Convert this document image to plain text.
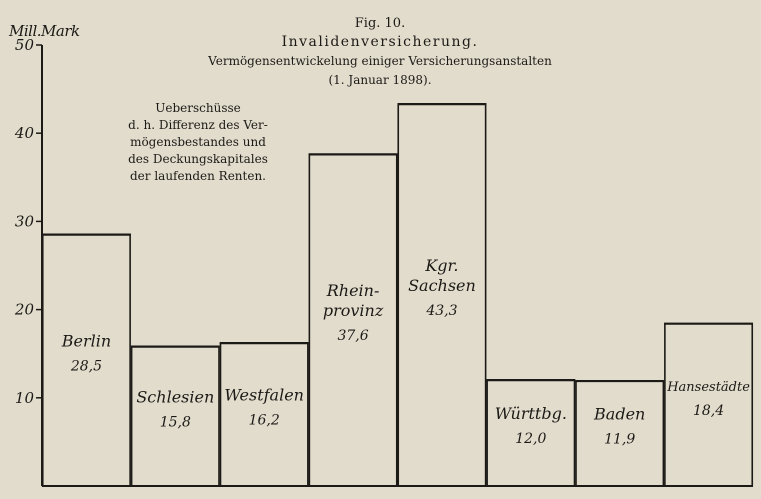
10
20
30
40
50
Berlin
28,5
Schlesien
15,8
Westfalen
16,2
Rhein-
provinz
37,6
Kgr.
Sachsen
43,3
Württbg.
12,0
Baden
11,9
Hansestädte
18,4
Mill.Mark	Fig. 10.
Invalidenversicherung.
Vermögensentwickelung einiger Versicherungsanstalten
(1. Januar 1898).
Ueberschüsse
d. h. Differenz des Ver-
mögensbestandes und
des Deckungskapitales
der laufenden Renten.
